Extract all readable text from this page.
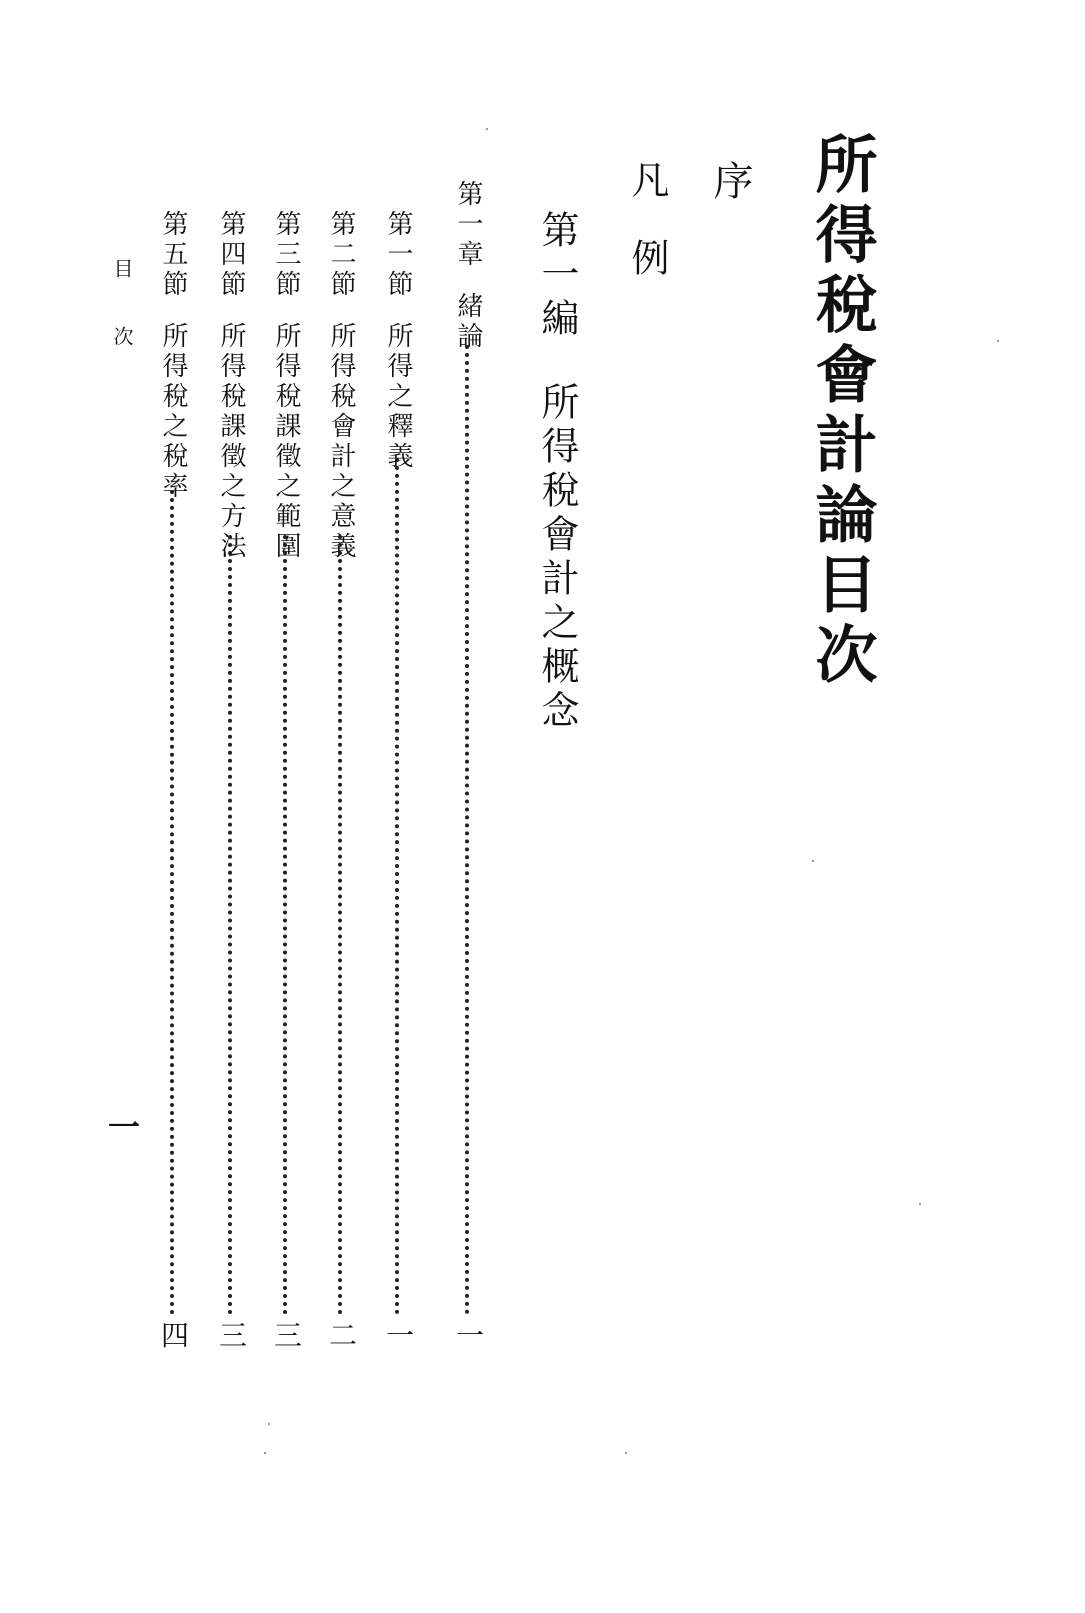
所得稅會計論目次
序
凡例
第一編所得稅會計之概念
第一章緒論
一
第一節所得之釋義
一
第二節所得稅會計之意義
二
第三節所得稅課徵之範圍
三
第四節所得稅課徵之方法
三
第五節所得稅之稅率
四
目次
一
